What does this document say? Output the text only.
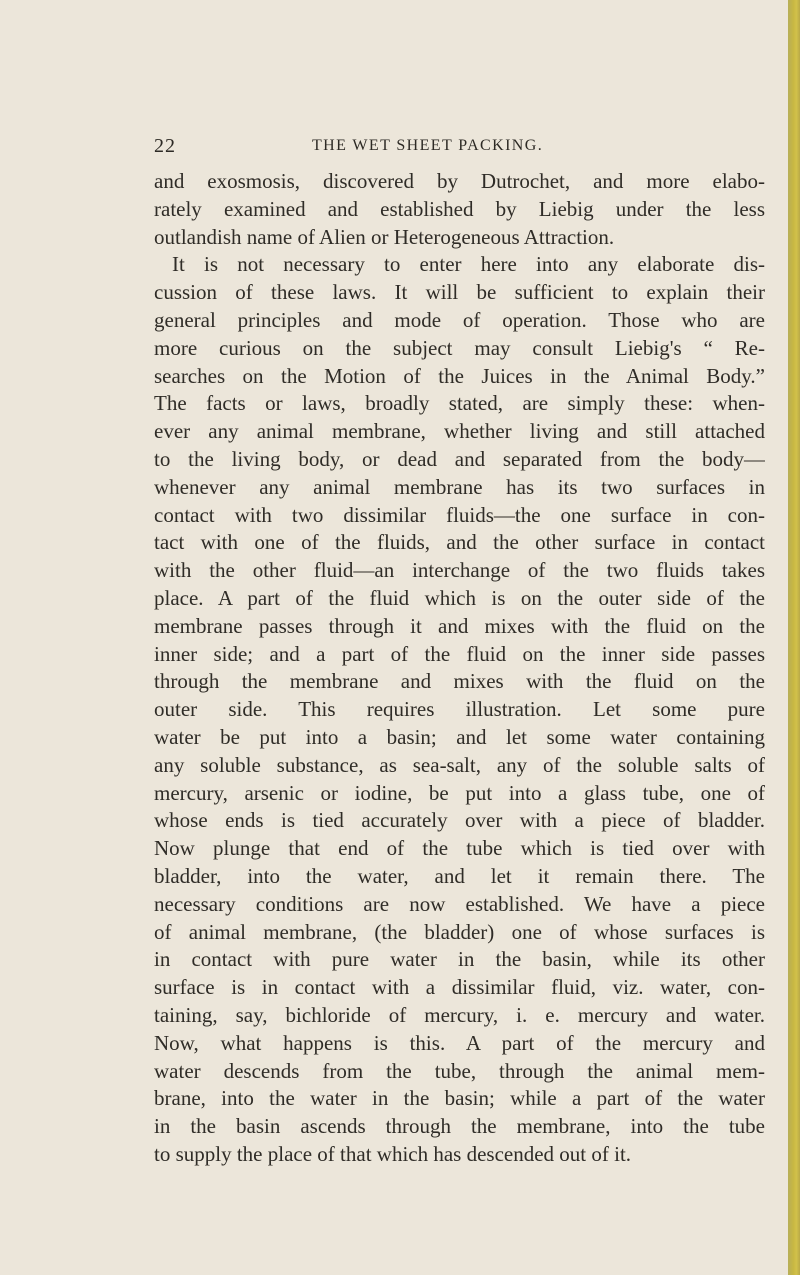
22	THE WET SHEET PACKING.
and exosmosis, discovered by Dutrochet, and more elabo-
rately examined and established by Liebig under the less
outlandish name of Alien or Heterogeneous Attraction.
It is not necessary to enter here into any elaborate dis-
cussion of these laws. It will be sufficient to explain their
general principles and mode of operation. Those who are
more curious on the subject may consult Liebig's “ Re-
searches on the Motion of the Juices in the Animal Body.”
The facts or laws, broadly stated, are simply these: when-
ever any animal membrane, whether living and still attached
to the living body, or dead and separated from the body—
whenever any animal membrane has its two surfaces in
contact with two dissimilar fluids—the one surface in con-
tact with one of the fluids, and the other surface in contact
with the other fluid—an interchange of the two fluids takes
place. A part of the fluid which is on the outer side of the
membrane passes through it and mixes with the fluid on the
inner side; and a part of the fluid on the inner side passes
through the membrane and mixes with the fluid on the
outer side. This requires illustration. Let some pure
water be put into a basin; and let some water containing
any soluble substance, as sea-salt, any of the soluble salts of
mercury, arsenic or iodine, be put into a glass tube, one of
whose ends is tied accurately over with a piece of bladder.
Now plunge that end of the tube which is tied over with
bladder, into the water, and let it remain there. The
necessary conditions are now established. We have a piece
of animal membrane, (the bladder) one of whose surfaces is
in contact with pure water in the basin, while its other
surface is in contact with a dissimilar fluid, viz. water, con-
taining, say, bichloride of mercury, i. e. mercury and water.
Now, what happens is this. A part of the mercury and
water descends from the tube, through the animal mem-
brane, into the water in the basin; while a part of the water
in the basin ascends through the membrane, into the tube
to supply the place of that which has descended out of it.
